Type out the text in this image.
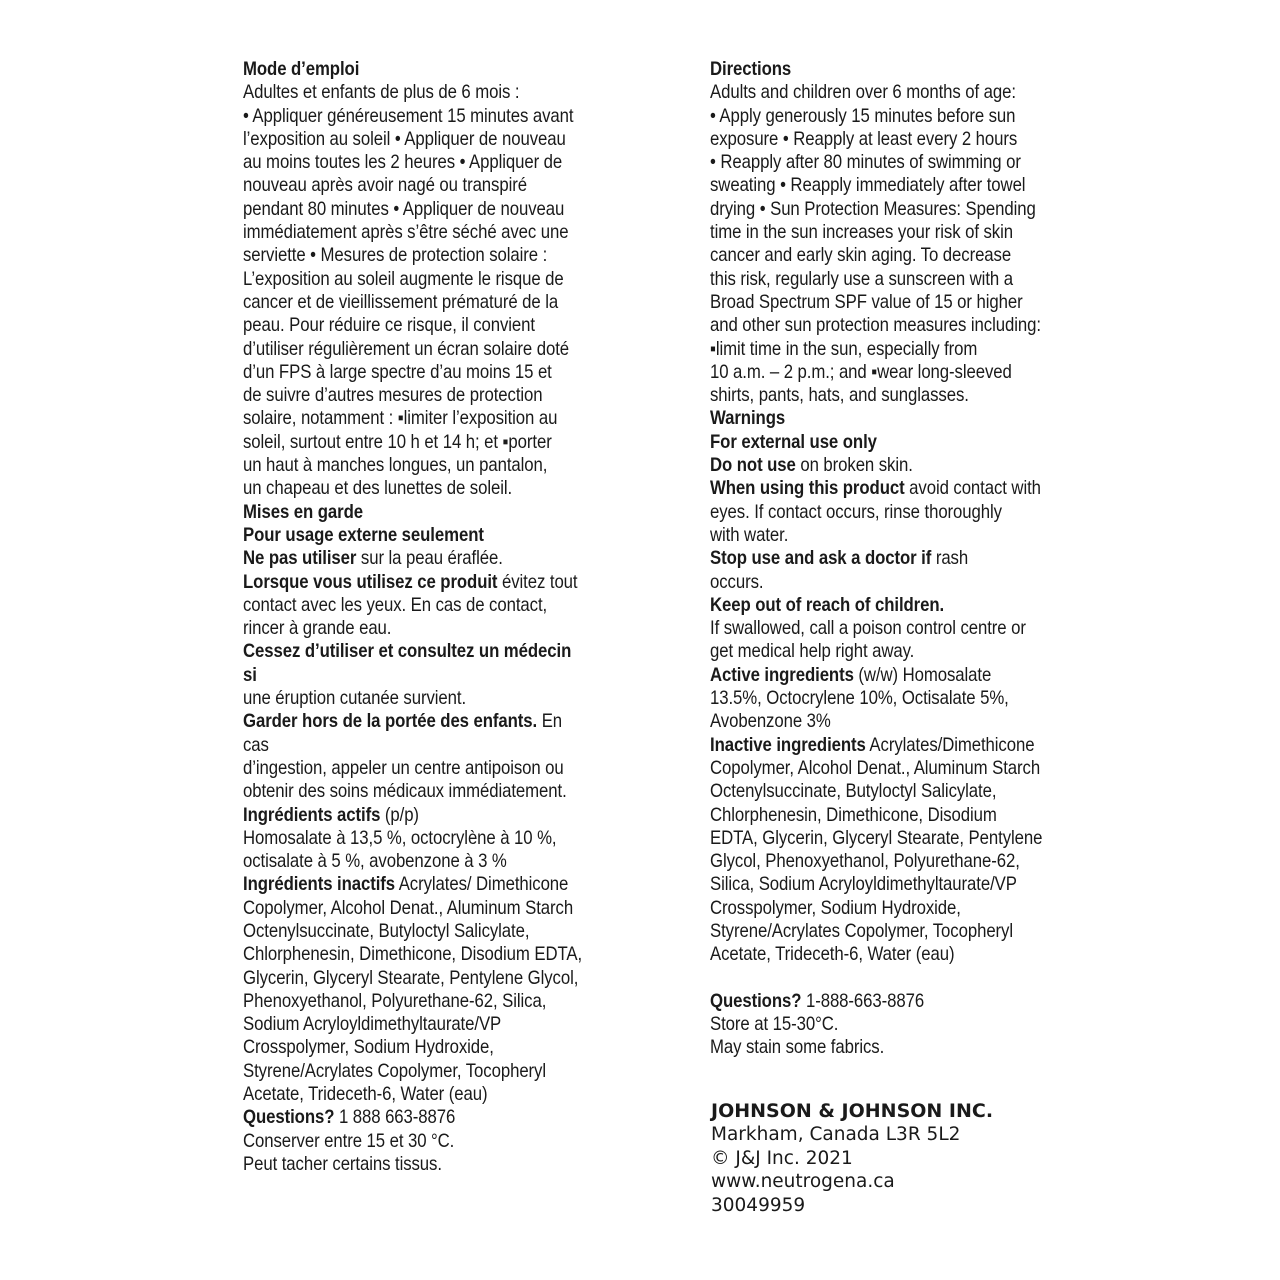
Mode d’emploi

Adultes et enfants de plus de 6 mois :

• Appliquer généreusement 15 minutes avant

l’exposition au soleil • Appliquer de nouveau

au moins toutes les 2 heures • Appliquer de

nouveau après avoir nagé ou transpiré

pendant 80 minutes • Appliquer de nouveau

immédiatement après s’être séché avec une

serviette • Mesures de protection solaire :

L’exposition au soleil augmente le risque de

cancer et de vieillissement prématuré de la

peau. Pour réduire ce risque, il convient

d’utiliser régulièrement un écran solaire doté

d’un FPS à large spectre d’au moins 15 et

de suivre d’autres mesures de protection

solaire, notamment : ▪limiter l’exposition au

soleil, surtout entre 10 h et 14 h; et ▪porter

un haut à manches longues, un pantalon,

un chapeau et des lunettes de soleil.

Mises en garde

Pour usage externe seulement

Ne pas utiliser sur la peau éraflée.

Lorsque vous utilisez ce produit évitez tout

contact avec les yeux. En cas de contact,

rincer à grande eau.

Cessez d’utiliser et consultez un médecin si

une éruption cutanée survient.

Garder hors de la portée des enfants. En cas

d’ingestion, appeler un centre antipoison ou

obtenir des soins médicaux immédiatement.

Ingrédients actifs (p/p)

Homosalate à 13,5 %, octocrylène à 10 %,

octisalate à 5 %, avobenzone à 3 %

Ingrédients inactifs Acrylates/ Dimethicone

Copolymer, Alcohol Denat., Aluminum Starch

Octenylsuccinate, Butyloctyl Salicylate,

Chlorphenesin, Dimethicone, Disodium EDTA,

Glycerin, Glyceryl Stearate, Pentylene Glycol,

Phenoxyethanol, Polyurethane-62, Silica,

Sodium Acryloyldimethyltaurate/VP

Crosspolymer, Sodium Hydroxide,

Styrene/Acrylates Copolymer, Tocopheryl

Acetate, Trideceth-6, Water (eau)

Questions? 1 888 663-8876

Conserver entre 15 et 30 °C.

Peut tacher certains tissus.

Directions

Adults and children over 6 months of age:

• Apply generously 15 minutes before sun

exposure • Reapply at least every 2 hours

• Reapply after 80 minutes of swimming or

sweating • Reapply immediately after towel

drying • Sun Protection Measures: Spending

time in the sun increases your risk of skin

cancer and early skin aging. To decrease

this risk, regularly use a sunscreen with a

Broad Spectrum SPF value of 15 or higher

and other sun protection measures including:

▪limit time in the sun, especially from

10 a.m. – 2 p.m.; and ▪wear long-sleeved

shirts, pants, hats, and sunglasses.

Warnings

For external use only

Do not use on broken skin.

When using this product avoid contact with

eyes. If contact occurs, rinse thoroughly

with water.

Stop use and ask a doctor if rash

occurs.

Keep out of reach of children.

If swallowed, call a poison control centre or

get medical help right away.

Active ingredients (w/w) Homosalate

13.5%, Octocrylene 10%, Octisalate 5%,

Avobenzone 3%

Inactive ingredients Acrylates/Dimethicone

Copolymer, Alcohol Denat., Aluminum Starch

Octenylsuccinate, Butyloctyl Salicylate,

Chlorphenesin, Dimethicone, Disodium

EDTA, Glycerin, Glyceryl Stearate, Pentylene

Glycol, Phenoxyethanol, Polyurethane-62,

Silica, Sodium Acryloyldimethyltaurate/VP

Crosspolymer, Sodium Hydroxide,

Styrene/Acrylates Copolymer, Tocopheryl

Acetate, Trideceth-6, Water (eau)

Questions? 1-888-663-8876

Store at 15-30°C.

May stain some fabrics.

JOHNSON & JOHNSON INC.

Markham, Canada L3R 5L2

© J&J Inc. 2021

www.neutrogena.ca

30049959
